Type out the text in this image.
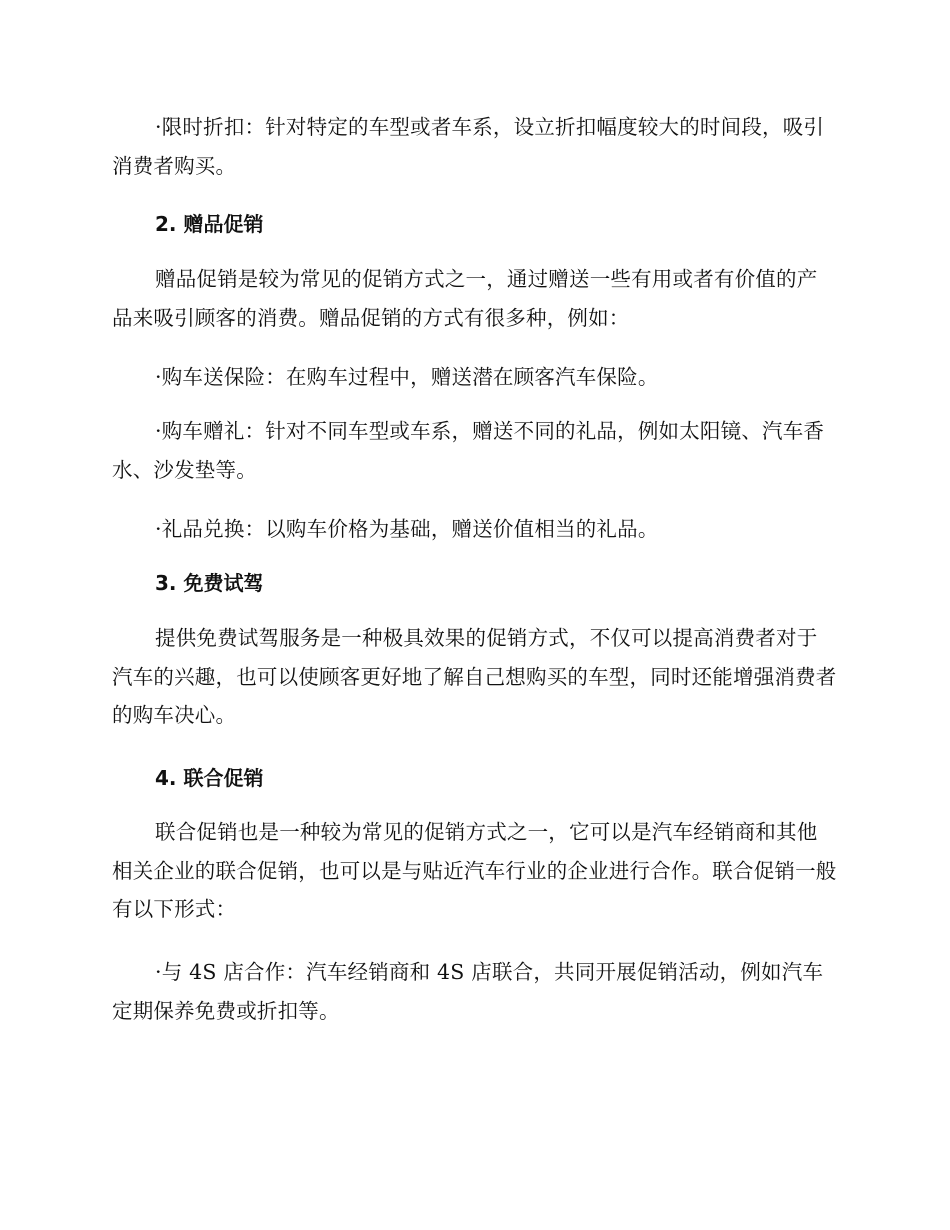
·限时折扣：针对特定的车型或者车系，设立折扣幅度较大的时间段，吸引消费者购买。

2. 赠品促销

赠品促销是较为常见的促销方式之一，通过赠送一些有用或者有价值的产品来吸引顾客的消费。赠品促销的方式有很多种，例如：

·购车送保险：在购车过程中，赠送潜在顾客汽车保险。

·购车赠礼：针对不同车型或车系，赠送不同的礼品，例如太阳镜、汽车香水、沙发垫等。

·礼品兑换：以购车价格为基础，赠送价值相当的礼品。

3. 免费试驾

提供免费试驾服务是一种极具效果的促销方式，不仅可以提高消费者对于汽车的兴趣，也可以使顾客更好地了解自己想购买的车型，同时还能增强消费者的购车决心。

4. 联合促销

联合促销也是一种较为常见的促销方式之一，它可以是汽车经销商和其他相关企业的联合促销，也可以是与贴近汽车行业的企业进行合作。联合促销一般有以下形式：

·与 4S 店合作：汽车经销商和 4S 店联合，共同开展促销活动，例如汽车定期保养免费或折扣等。
